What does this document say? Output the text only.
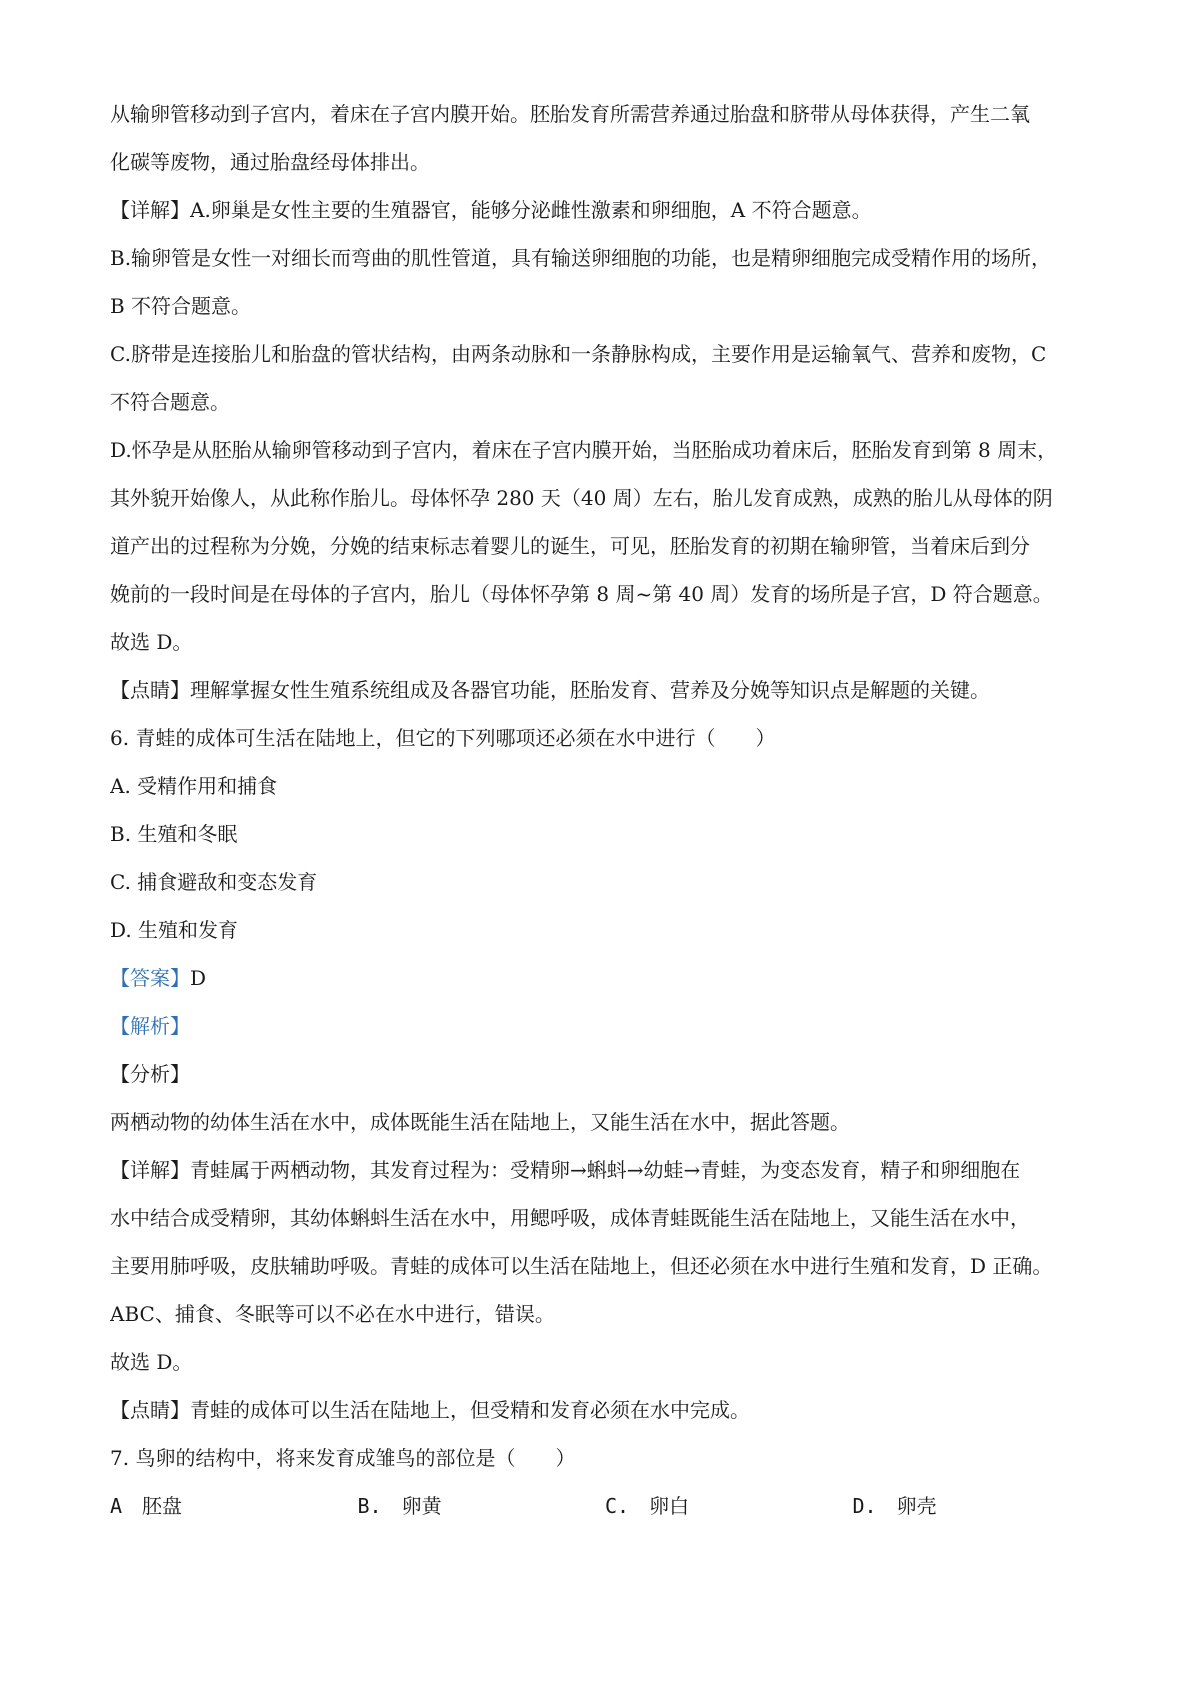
从输卵管移动到子宫内，着床在子宫内膜开始。胚胎发育所需营养通过胎盘和脐带从母体获得，产生二氧
化碳等废物，通过胎盘经母体排出。
【详解】A.卵巢是女性主要的生殖器官，能够分泌雌性激素和卵细胞，A 不符合题意。
B.输卵管是女性一对细长而弯曲的肌性管道，具有输送卵细胞的功能，也是精卵细胞完成受精作用的场所，
B 不符合题意。
C.脐带是连接胎儿和胎盘的管状结构，由两条动脉和一条静脉构成，主要作用是运输氧气、营养和废物，C
不符合题意。
D.怀孕是从胚胎从输卵管移动到子宫内，着床在子宫内膜开始，当胚胎成功着床后，胚胎发育到第 8 周末，
其外貌开始像人，从此称作胎儿。母体怀孕 280 天（40 周）左右，胎儿发育成熟，成熟的胎儿从母体的阴
道产出的过程称为分娩，分娩的结束标志着婴儿的诞生，可见，胚胎发育的初期在输卵管，当着床后到分
娩前的一段时间是在母体的子宫内，胎儿（母体怀孕第 8 周~第 40 周）发育的场所是子宫，D 符合题意。
故选 D。
【点睛】理解掌握女性生殖系统组成及各器官功能，胚胎发育、营养及分娩等知识点是解题的关键。
6. 青蛙的成体可生活在陆地上，但它的下列哪项还必须在水中进行（　　）
A. 受精作用和捕食
B. 生殖和冬眠
C. 捕食避敌和变态发育
D. 生殖和发育
【答案】D
【解析】
【分析】
两栖动物的幼体生活在水中，成体既能生活在陆地上，又能生活在水中，据此答题。
【详解】青蛙属于两栖动物，其发育过程为：受精卵→蝌蚪→幼蛙→青蛙，为变态发育，精子和卵细胞在
水中结合成受精卵，其幼体蝌蚪生活在水中，用鳃呼吸，成体青蛙既能生活在陆地上，又能生活在水中，
主要用肺呼吸，皮肤辅助呼吸。青蛙的成体可以生活在陆地上，但还必须在水中进行生殖和发育，D 正确。
ABC、捕食、冬眠等可以不必在水中进行，错误。
故选 D。
【点睛】青蛙的成体可以生活在陆地上，但受精和发育必须在水中完成。
7. 鸟卵的结构中，将来发育成雏鸟的部位是（　　）
A　胚盘	B.　卵黄	C.　卵白	D.　卵壳
